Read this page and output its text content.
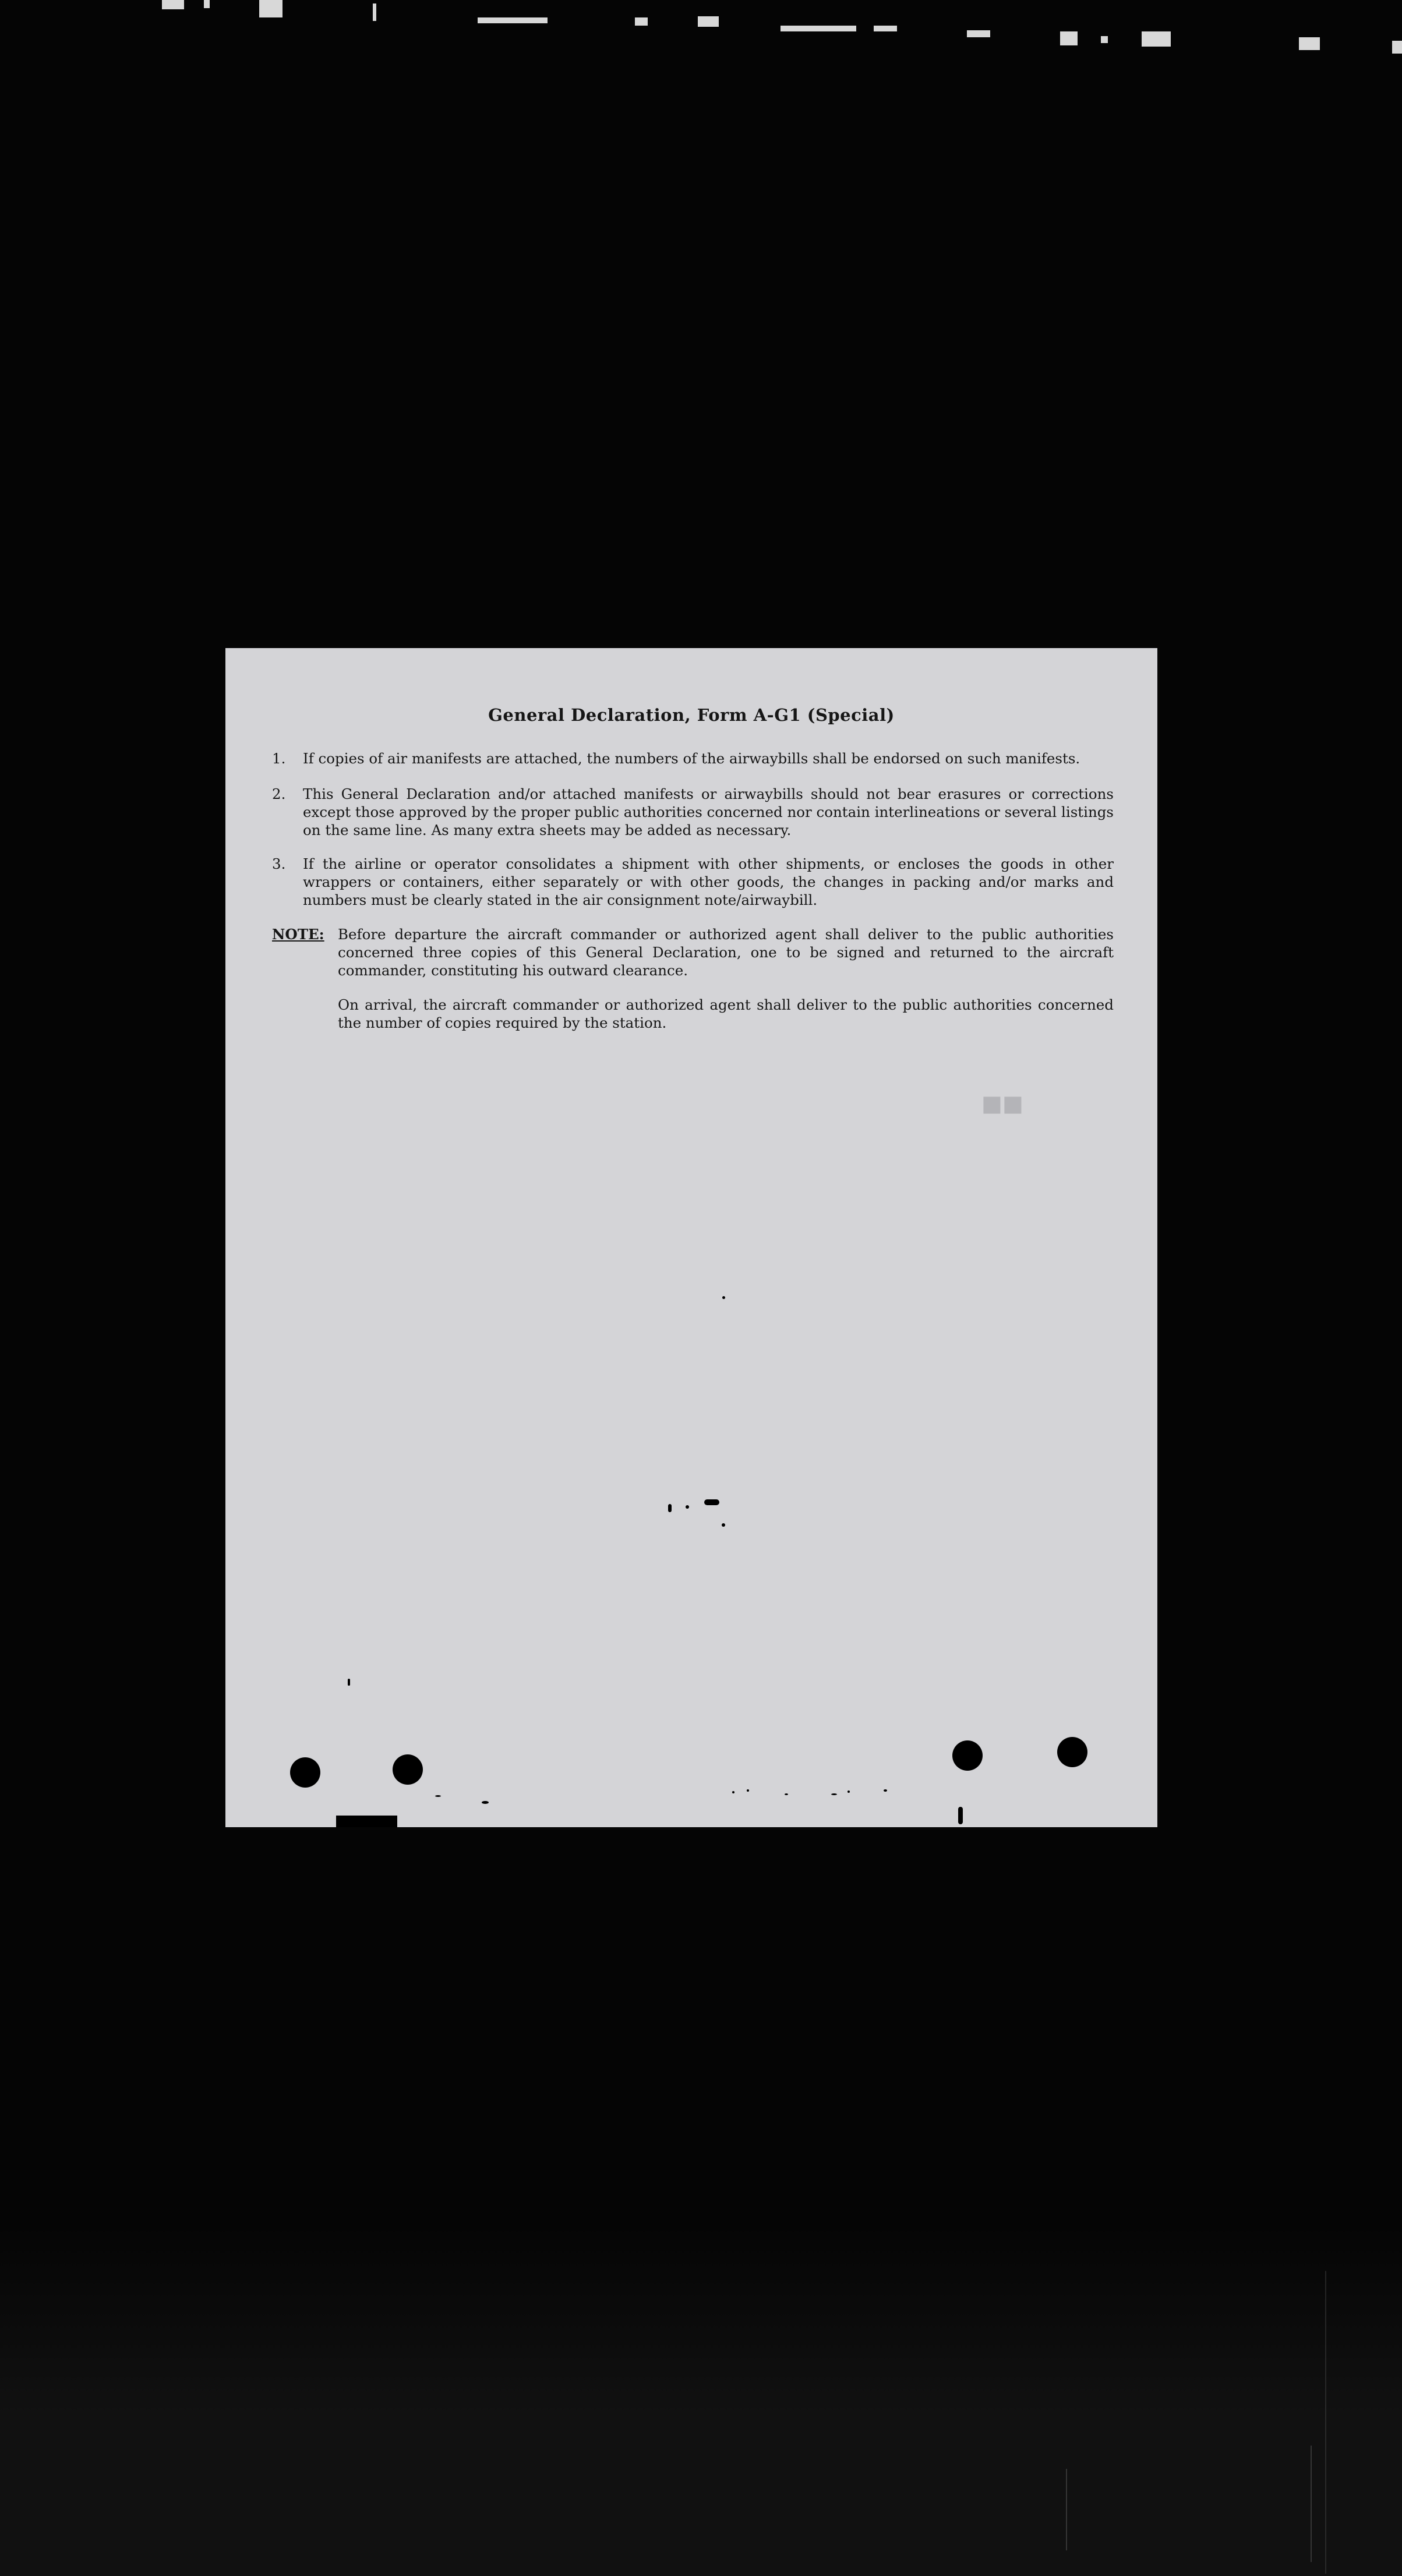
General Declaration, Form A-G1 (Special)
1.	If copies of air manifests are attached, the numbers of the airwaybills shall be endorsed on such manifests.
2.	This General Declaration and/or attached manifests or airwaybills should not bear erasures or corrections except those approved by the proper public authorities concerned nor contain interlineations or several listings on the same line. As many extra sheets may be added as necessary.
3.	If the airline or operator consolidates a shipment with other shipments, or encloses the goods in other wrappers or containers, either separately or with other goods, the changes in packing and/or marks and numbers must be clearly stated in the air consignment note/airwaybill.
NOTE: Before departure the aircraft commander or authorized agent shall deliver to the public authorities concerned three copies of this General Declaration, one to be signed and returned to the aircraft commander, constituting his outward clearance.
On arrival, the aircraft commander or authorized agent shall deliver to the public authorities concerned the number of copies required by the station.
■■
